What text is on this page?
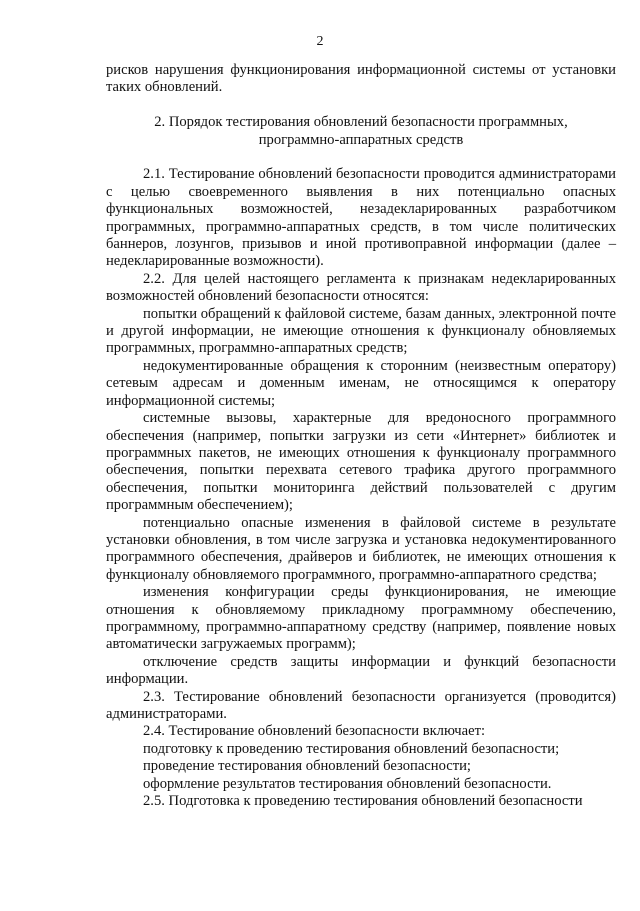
2

рисков нарушения функционирования информационной системы от установки таких обновлений.

2. Порядок тестирования обновлений безопасности программных, программно-аппаратных средств

2.1. Тестирование обновлений безопасности проводится администраторами с целью своевременного выявления в них потенциально опасных функциональных возможностей, незадекларированных разработчиком программных, программно-аппаратных средств, в том числе политических баннеров, лозунгов, призывов и иной противоправной информации (далее – недекларированные возможности).

2.2. Для целей настоящего регламента к признакам недекларированных возможностей обновлений безопасности относятся:

попытки обращений к файловой системе, базам данных, электронной почте и другой информации, не имеющие отношения к функционалу обновляемых программных, программно-аппаратных средств;

недокументированные обращения к сторонним (неизвестным оператору) сетевым адресам и доменным именам, не относящимся к оператору информационной системы;

системные вызовы, характерные для вредоносного программного обеспечения (например, попытки загрузки из сети «Интернет» библиотек и программных пакетов, не имеющих отношения к функционалу программного обеспечения, попытки перехвата сетевого трафика другого программного обеспечения, попытки мониторинга действий пользователей с другим программным обеспечением);

потенциально опасные изменения в файловой системе в результате установки обновления, в том числе загрузка и установка недокументированного программного обеспечения, драйверов и библиотек, не имеющих отношения к функционалу обновляемого программного, программно-аппаратного средства;

изменения конфигурации среды функционирования, не имеющие отношения к обновляемому прикладному программному обеспечению, программному, программно-аппаратному средству (например, появление новых автоматически загружаемых программ);

отключение средств защиты информации и функций безопасности информации.

2.3. Тестирование обновлений безопасности организуется (проводится) администраторами.

2.4. Тестирование обновлений безопасности включает:

подготовку к проведению тестирования обновлений безопасности;

проведение тестирования обновлений безопасности;

оформление результатов тестирования обновлений безопасности.

2.5. Подготовка к проведению тестирования обновлений безопасности
